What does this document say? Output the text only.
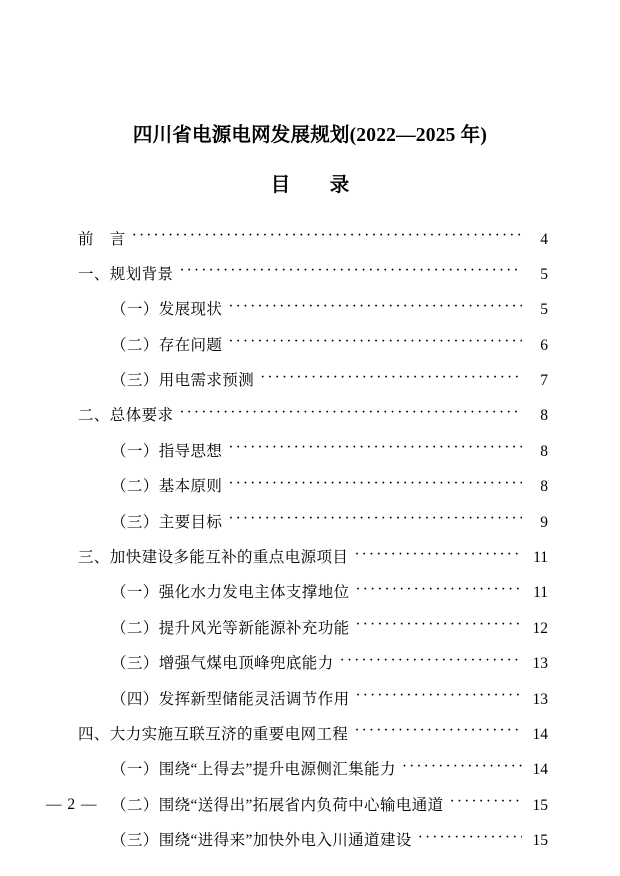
四川省电源电网发展规划(2022—2025 年)
目　录
前　言 ·····	4
一、规划背景 ·····	5
（一）发展现状 ·····	5
（二）存在问题 ·····	6
（三）用电需求预测 ·····	7
二、总体要求 ·····	8
（一）指导思想 ·····	8
（二）基本原则 ·····	8
（三）主要目标 ·····	9
三、加快建设多能互补的重点电源项目 ·····	11
（一）强化水力发电主体支撑地位 ·····	11
（二）提升风光等新能源补充功能 ·····	12
（三）增强气煤电顶峰兜底能力 ·····	13
（四）发挥新型储能灵活调节作用 ·····	13
四、大力实施互联互济的重要电网工程 ·····	14
（一）围绕“上得去”提升电源侧汇集能力 ·····	14
（二）围绕“送得出”拓展省内负荷中心输电通道 ·····	15
（三）围绕“进得来”加快外电入川通道建设 ·····	15
— 2 —
